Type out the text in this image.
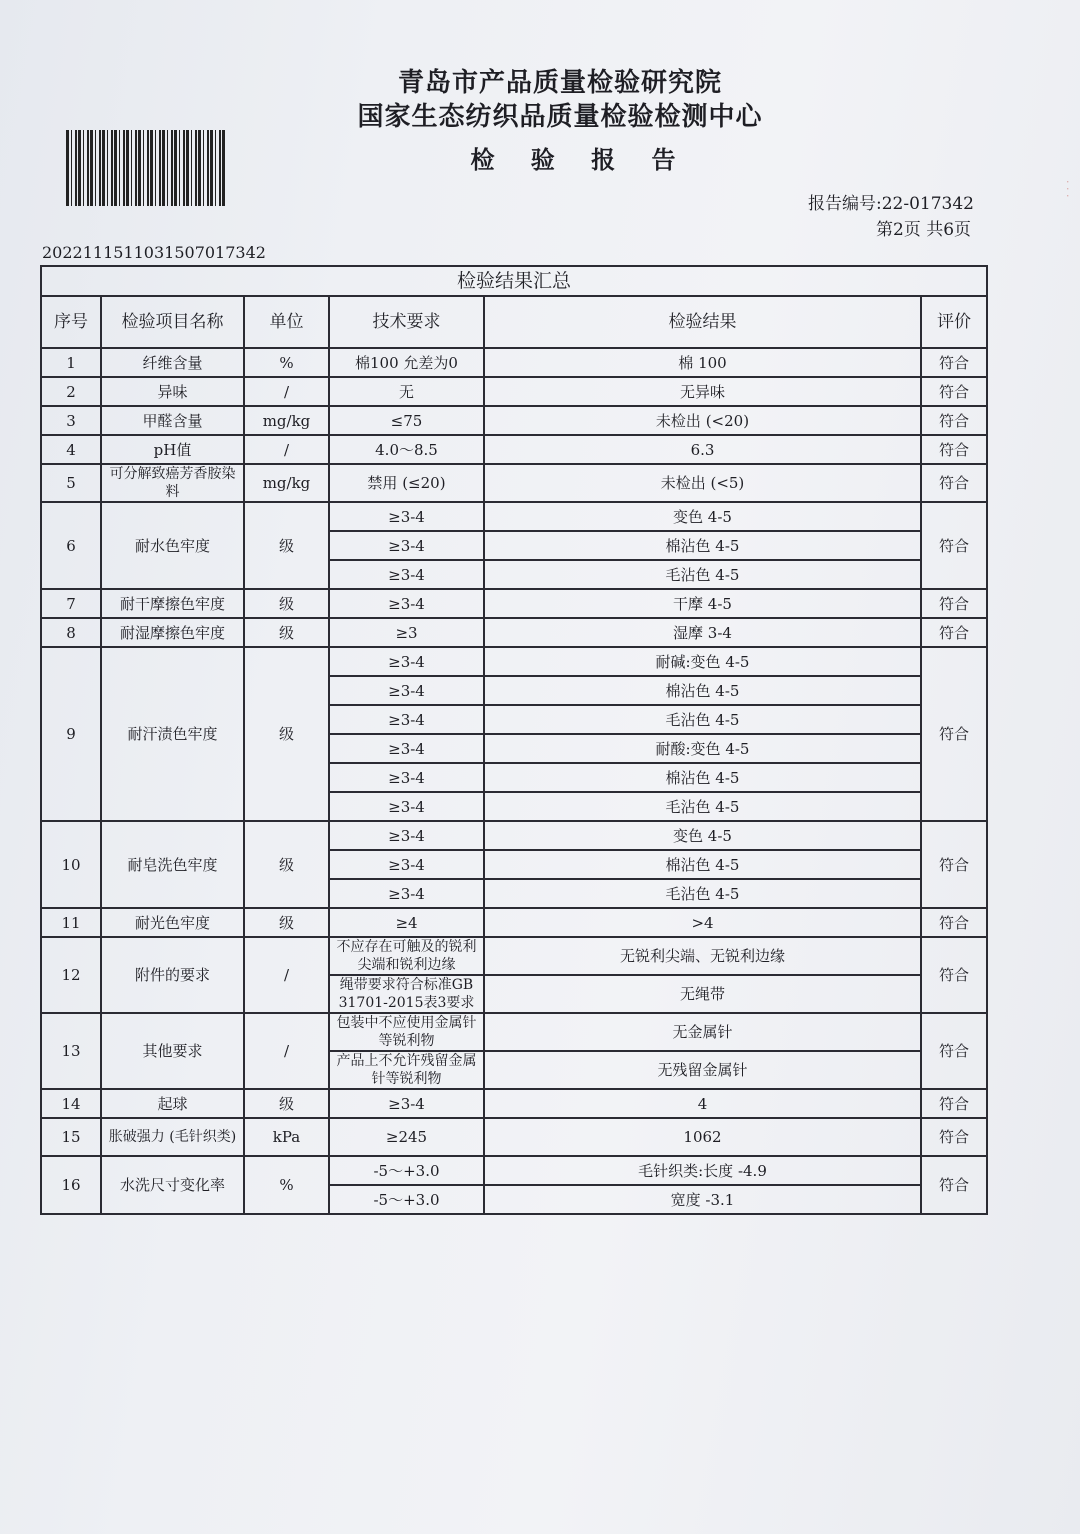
· · ·
青岛市产品质量检验研究院
国家生态纺织品质量检验检测中心
检 验 报 告
2022111511031507017342
报告编号:22-017342
第2页 共6页
检验结果汇总					
序号	检验项目名称	单位	技术要求	检验结果	评价
1	纤维含量	%	棉100 允差为0	棉 100	符合
2	异味	/	无	无异味	符合
3	甲醛含量	mg/kg	≤75	未检出 (<20)	符合
4	pH值	/	4.0～8.5	6.3	符合
5	可分解致癌芳香胺染料	mg/kg	禁用 (≤20)	未检出 (<5)	符合
6	耐水色牢度	级	≥3-4	变色 4-5	符合
			≥3-4	棉沾色 4-5	
			≥3-4	毛沾色 4-5	
7	耐干摩擦色牢度	级	≥3-4	干摩 4-5	符合
8	耐湿摩擦色牢度	级	≥3	湿摩 3-4	符合
9	耐汗渍色牢度	级	≥3-4	耐碱:变色 4-5	符合
			≥3-4	棉沾色 4-5	
			≥3-4	毛沾色 4-5	
			≥3-4	耐酸:变色 4-5	
			≥3-4	棉沾色 4-5	
			≥3-4	毛沾色 4-5	
10	耐皂洗色牢度	级	≥3-4	变色 4-5	符合
			≥3-4	棉沾色 4-5	
			≥3-4	毛沾色 4-5	
11	耐光色牢度	级	≥4	>4	符合
12	附件的要求	/	不应存在可触及的锐利尖端和锐利边缘	无锐利尖端、无锐利边缘	符合
			绳带要求符合标准GB 31701-2015表3要求	无绳带	
13	其他要求	/	包装中不应使用金属针等锐利物	无金属针	符合
			产品上不允许残留金属针等锐利物	无残留金属针	
14	起球	级	≥3-4	4	符合
15	胀破强力 (毛针织类)	kPa	≥245	1062	符合
16	水洗尺寸变化率	%	-5～+3.0	毛针织类:长度 -4.9	符合
			-5～+3.0	宽度 -3.1	
